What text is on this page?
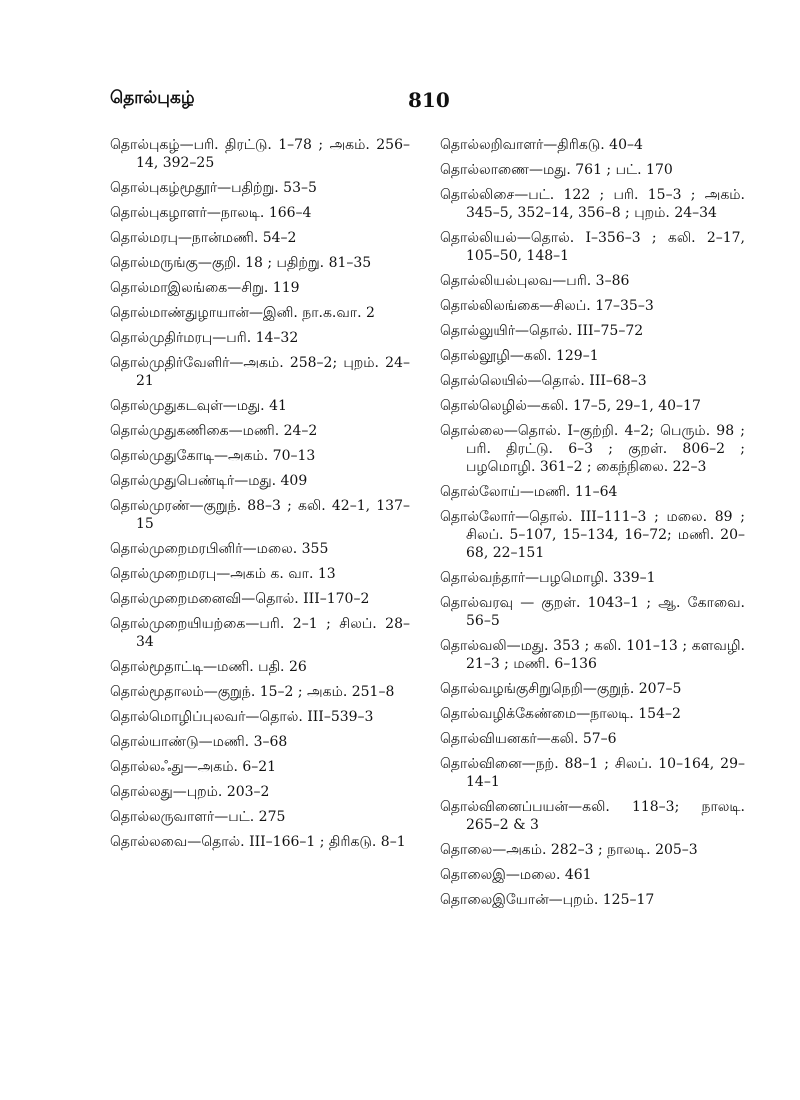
தொல்புகழ்	810
தொல்புகழ்—பரி. திரட்டு. 1–78 ; அகம். 256–14, 392–25
தொல்புகழ்மூதூர்—பதிற்று. 53–5
தொல்புகழாளர்—நாலடி. 166–4
தொல்மரபு—நான்மணி. 54–2
தொல்மருங்கு—குறி. 18 ; பதிற்று. 81–35
தொல்மாஇலங்கை—சிறு. 119
தொல்மாண்துழாயான்—இனி. நா.க.வா. 2
தொல்முதிர்மரபு—பரி. 14–32
தொல்முதிர்வேளிர்—அகம். 258–2; புறம். 24–21
தொல்முதுகடவுள்—மது. 41
தொல்முதுகணிகை—மணி. 24–2
தொல்முதுகோடி—அகம். 70–13
தொல்முதுபெண்டிர்—மது. 409
தொல்முரண்—குறுந். 88–3 ; கலி. 42–1, 137–15
தொல்முறைமரபினிர்—மலை. 355
தொல்முறைமரபு—அகம் க. வா. 13
தொல்முறைமனைவி—தொல். III–170–2
தொல்முறையியற்கை—பரி. 2–1 ; சிலப். 28–34
தொல்மூதாட்டி—மணி. பதி. 26
தொல்மூதாலம்—குறுந். 15–2 ; அகம். 251–8
தொல்மொழிப்புலவர்—தொல். III–539–3
தொல்யாண்டு—மணி. 3–68
தொல்லஃது—அகம். 6–21
தொல்லது—புறம். 203–2
தொல்லருவாளர்—பட். 275
தொல்லவை—தொல். III–166–1 ; திரிகடு. 8–1
தொல்லறிவாளர்—திரிகடு. 40–4
தொல்லாணை—மது. 761 ; பட். 170
தொல்லிசை—பட். 122 ; பரி. 15–3 ; அகம். 345–5, 352–14, 356–8 ; புறம். 24–34
தொல்லியல்—தொல். I–356–3 ; கலி. 2–17, 105–50, 148–1
தொல்லியல்புலவ—பரி. 3–86
தொல்லிலங்கை—சிலப். 17–35–3
தொல்லுயிர்—தொல். III–75–72
தொல்லூழி—கலி. 129–1
தொல்லெயில்—தொல். III–68–3
தொல்லெழில்—கலி. 17–5, 29–1, 40–17
தொல்லை—தொல். I–குற்றி. 4–2; பெரும். 98 ; பரி. திரட்டு. 6–3 ; குறள். 806–2 ; பழமொழி. 361–2 ; கைந்நிலை. 22–3
தொல்லோய்—மணி. 11–64
தொல்லோர்—தொல். III–111–3 ; மலை. 89 ; சிலப். 5–107, 15–134, 16–72; மணி. 20–68, 22–151
தொல்வந்தார்—பழமொழி. 339–1
தொல்வரவு — குறள். 1043–1 ; ஆ. கோவை. 56–5
தொல்வலி—மது. 353 ; கலி. 101–13 ; களவழி. 21–3 ; மணி. 6–136
தொல்வழங்குசிறுநெறி—குறுந். 207–5
தொல்வழிக்கேண்மை—நாலடி. 154–2
தொல்வியனகர்—கலி. 57–6
தொல்வினை—நற். 88–1 ; சிலப். 10–164, 29–14–1
தொல்வினைப்பயன்—கலி. 118–3; நாலடி. 265–2 & 3
தொலை—அகம். 282–3 ; நாலடி. 205–3
தொலைஇ—மலை. 461
தொலைஇயோன்—புறம். 125–17
